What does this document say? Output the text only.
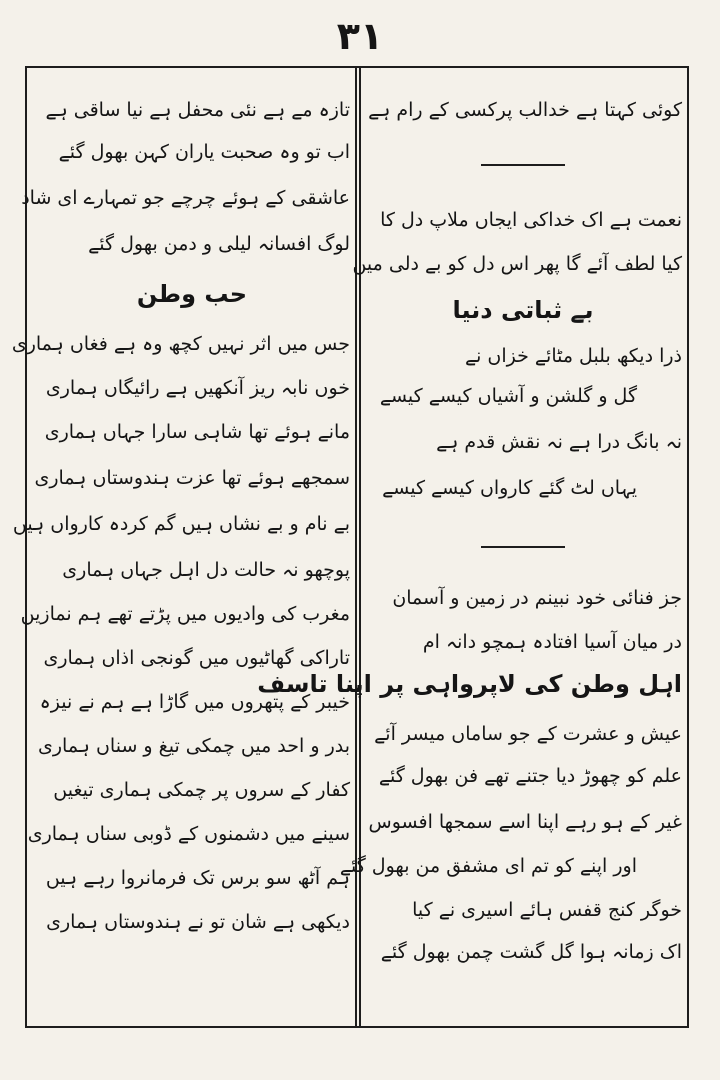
۳۱
کوئی کہتا ہے خدالب پرکسی کے رام ہے
نعمت ہے اک خداکی ایجاں ملاپ دل کا
کیا لطف آئے گا پھر اس دل کو بے دلی میں
بے ثباتی دنیا
ذرا دیکھ بلبل مٹائے خزاں نے
گل و گلشن و آشیاں کیسے کیسے
نہ بانگ درا ہے نہ نقش قدم ہے
یہاں لٹ گئے کارواں کیسے کیسے
جز فنائی خود نبینم در زمین و آسمان
در میان آسیا افتادہ ہمچو دانہ ام
اہل وطن کی لاپرواہی پر اپنا تاسف
عیش و عشرت کے جو ساماں میسر آئے
علم کو چھوڑ دیا جتنے تھے فن بھول گئے
غیر کے ہو رہے اپنا اسے سمجھا افسوس
اور اپنے کو تم ای مشفق من بھول گئے
خوگر کنج قفس ہائے اسیری نے کیا
اک زمانہ ہوا گل گشت چمن بھول گئے
تازہ مے ہے نئی محفل ہے نیا ساقی ہے
اب تو وہ صحبت یاران کہن بھول گئے
عاشقی کے ہوئے چرچے جو تمہارے ای شاد
لوگ افسانہ لیلی و دمن بھول گئے
حب وطن
جس میں اثر نہیں کچھ وہ ہے فغاں ہماری
خوں نابہ ریز آنکھیں ہے رائیگاں ہماری
مانے ہوئے تھا شاہی سارا جہاں ہماری
سمجھے ہوئے تھا عزت ہندوستاں ہماری
بے نام و بے نشاں ہیں گم کردہ کارواں ہیں
پوچھو نہ حالت دل اہل جہاں ہماری
مغرب کی وادیوں میں پڑتے تھے ہم نمازیں
تاراکی گھاٹیوں میں گونجی اذاں ہماری
خیبر کے پتھروں میں گاڑا ہے ہم نے نیزہ
بدر و احد میں چمکی تیغ و سناں ہماری
کفار کے سروں پر چمکی ہماری تیغیں
سینے میں دشمنوں کے ڈوبی سناں ہماری
ہم آٹھ سو برس تک فرمانروا رہے ہیں
دیکھی ہے شان تو نے ہندوستاں ہماری
